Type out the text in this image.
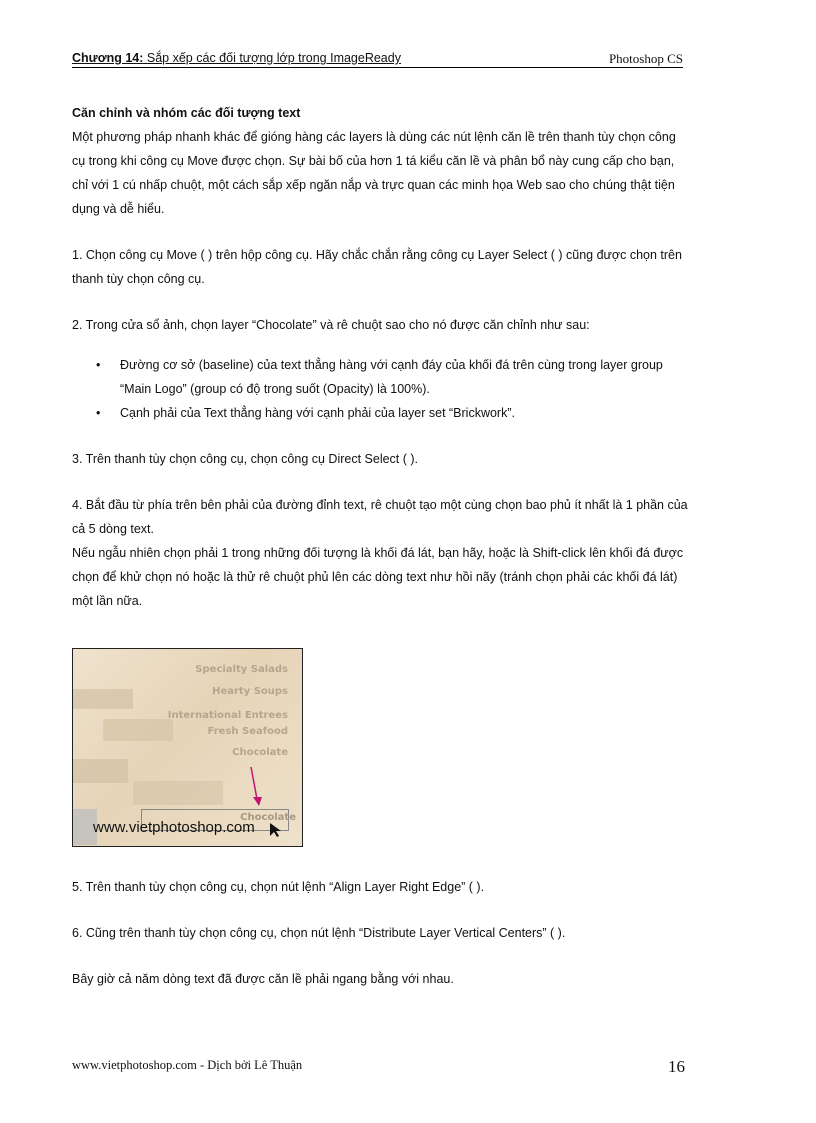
Chương 14: Sắp xếp các đối tượng lớp trong ImageReady	Photoshop CS

Căn chỉnh và nhóm các đối tượng text

Một phương pháp nhanh khác để gióng hàng các layers là dùng các nút lệnh căn lề trên thanh tùy chọn công cụ trong khi công cụ Move được chọn. Sự bài bố của hơn 1 tá kiểu căn lề và phân bổ này cung cấp cho bạn, chỉ với 1 cú nhấp chuột, một cách sắp xếp ngăn nắp và trực quan các minh họa Web sao cho chúng thật tiện dụng và dễ hiểu.

1. Chọn công cụ Move ( ) trên hộp công cụ. Hãy chắc chắn rằng công cụ Layer Select ( ) cũng được chọn trên thanh tùy chọn công cụ.

2. Trong cửa sổ ảnh, chọn layer “Chocolate” và rê chuột sao cho nó được căn chỉnh như sau:

• Đường cơ sở (baseline) của text thẳng hàng với cạnh đáy của khối đá trên cùng trong layer group “Main Logo” (group có độ trong suốt (Opacity) là 100%).
• Cạnh phải của Text thẳng hàng với cạnh phải của layer set “Brickwork”.

3. Trên thanh tùy chọn công cụ, chọn công cụ Direct Select ( ).

4. Bắt đầu từ phía trên bên phải của đường đỉnh text, rê chuột tạo một cùng chọn bao phủ ít nhất là 1 phần của cả 5 dòng text.

Nếu ngẫu nhiên chọn phải 1 trong những đối tượng là khối đá lát, bạn hãy, hoặc là Shift-click lên khối đá được chọn để khử chọn nó hoặc là thử rê chuột phủ lên các dòng text như hồi nãy (tránh chọn phải các khối đá lát) một lần nữa.

Specialty Salads
Hearty Soups
International Entrees
Fresh Seafood
Chocolate
Chocolate
www.vietphotoshop.com

5. Trên thanh tùy chọn công cụ, chọn nút lệnh “Align Layer Right Edge” ( ).

6. Cũng trên thanh tùy chọn công cụ, chọn nút lệnh “Distribute Layer Vertical Centers” ( ).

Bây giờ cả năm dòng text đã được căn lề phải ngang bằng với nhau.

www.vietphotoshop.com - Dịch bởi Lê Thuận	16
